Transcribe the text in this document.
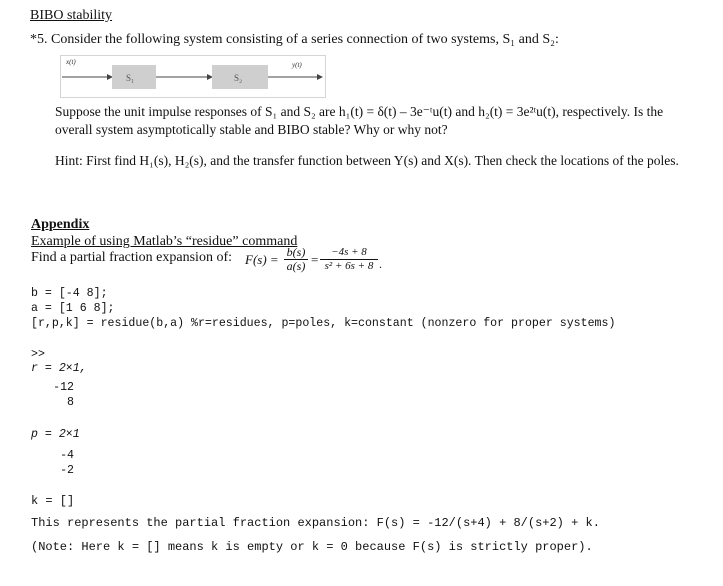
BIBO stability
*5. Consider the following system consisting of a series connection of two systems, S₁ and S₂:
x(t)	y(t)
S₁	S₂
Suppose the unit impulse responses of S₁ and S₂ are h₁(t) = δ(t) – 3e⁻ᵗu(t) and h₂(t) = 3e²ᵗu(t), respectively. Is the overall system asymptotically stable and BIBO stable? Why or why not?
Hint: First find H₁(s), H₂(s), and the transfer function between Y(s) and X(s). Then check the locations of the poles.
Appendix
Example of using Matlab’s “residue” command
Find a partial fraction expansion of: $F(s) = \frac{b(s)}{a(s)} = \frac{-4s + 8}{\text{s² + 6s + 8}}$ .
b = [-4 8];
a = [1 6 8];
[r,p,k] = residue(b,a) %r=residues, p=poles, k=constant (nonzero for proper systems)
>>
r = 2×1,
-12
8
p = 2×1
-4
-2
k = []
This represents the partial fraction expansion: F(s) = -12/(s+4) + 8/(s+2) + k.
(Note: Here k = [] means k is empty or k = 0 because F(s) is strictly proper).
